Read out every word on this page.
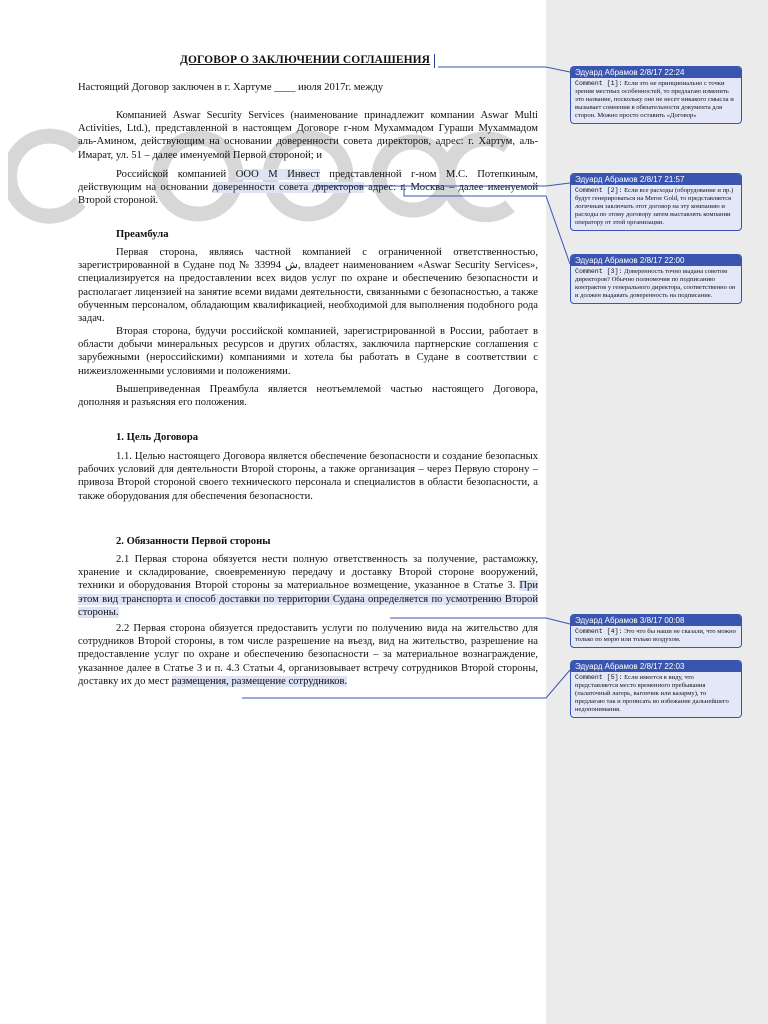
ДОГОВОР О ЗАКЛЮЧЕНИИ СОГЛАШЕНИЯ
Настоящий Договор заключен в г. Хартуме ____ июля 2017г. между
Компанией Aswar Security Services (наименование принадлежит компании Aswar Multi Activities, Ltd.), представленной в настоящем Договоре г-ном Мухаммадом Гураши Мухаммадом аль-Амином, действующим на основании доверенности совета директоров, адрес: г. Хартум, аль-Имарат, ул. 51 – далее именуемой Первой стороной; и
Российской компанией ООО М Инвест представленной г-ном М.С. Потепкиным, действующим на основании доверенности совета директоров адрес: г. Москва – далее именуемой Второй стороной.
Преамбула
Первая сторона, являясь частной компанией с ограниченной ответственностью, зарегистрированной в Судане под № ش 33994, владеет наименованием «Aswar Security Services», специализируется на предоставлении всех видов услуг по охране и обеспечению безопасности и располагает лицензией на занятие всеми видами деятельности, связанными с безопасностью, а также обученным персоналом, обладающим квалификацией, необходимой для выполнения подобного рода задач.
Вторая сторона, будучи российской компанией, зарегистрированной в России, работает в области добычи минеральных ресурсов и других областях, заключила партнерские соглашения с зарубежными (нероссийскими) компаниями и хотела бы работать в Судане в соответствии с нижеизложенными условиями и положениями.
Вышеприведенная Преамбула является неотъемлемой частью настоящего Договора, дополняя и разъясняя его положения.
1. Цель Договора
1.1. Целью настоящего Договора является обеспечение безопасности и создание безопасных рабочих условий для деятельности Второй стороны, а также организация – через Первую сторону – привоза Второй стороной своего технического персонала и специалистов в области безопасности, а также оборудования для обеспечения безопасности.
2. Обязанности Первой стороны
2.1 Первая сторона обязуется нести полную ответственность за получение, растаможку, хранение и складирование, своевременную передачу и доставку Второй стороне вооружений, техники и оборудования Второй стороны за материальное возмещение, указанное в Статье 3. При этом вид транспорта и способ доставки по территории Судана определяется по усмотрению Второй стороны.
2.2 Первая сторона обязуется предоставить услуги по получению вида на жительство для сотрудников Второй стороны, в том числе разрешение на въезд, вид на жительство, разрешение на предоставление услуг по охране и обеспечению безопасности – за материальное вознаграждение, указанное далее в Статье 3 и п. 4.3 Статьи 4, организовывает встречу сотрудников Второй стороны, доставку их до мест размещения, размещение сотрудников.
Эдуард Абрамов 2/8/17 22:24
Comment [1]: Если это не принципиально с точки зрения местных особенностей, то предлагаю изменить это название, поскольку оно не несет никакого смысла и вызывает сомнения в обязательности документа для сторон. Можно просто оставить «Договор»
Эдуард Абрамов 2/8/17 21:57
Comment [2]: Если все расходы (оборудование и пр.) будут генерироваться на Meroe Gold, то представляется логичным заключать этот договор на эту компанию и расходы по этому договору затем выставлять компании оператору от этой организации.
Эдуард Абрамов 2/8/17 22:00
Comment [3]: Доверенность точно выдана советом директоров? Обычно полномочия по подписанию контрактов у генерального директора, соответственно он и должен выдавать доверенность на подписание.
Эдуард Абрамов 3/8/17 00:08
Comment [4]: Это что бы наши не сказали, что можно только по морю или только воздухом.
Эдуард Абрамов 2/8/17 22:03
Comment [5]: Если имеется в виду, что представляется место временного пребывания (палаточный лагерь, вагончик или казарму), то предлагаю так и прописать во избежание дальнейшего недопонимания.
